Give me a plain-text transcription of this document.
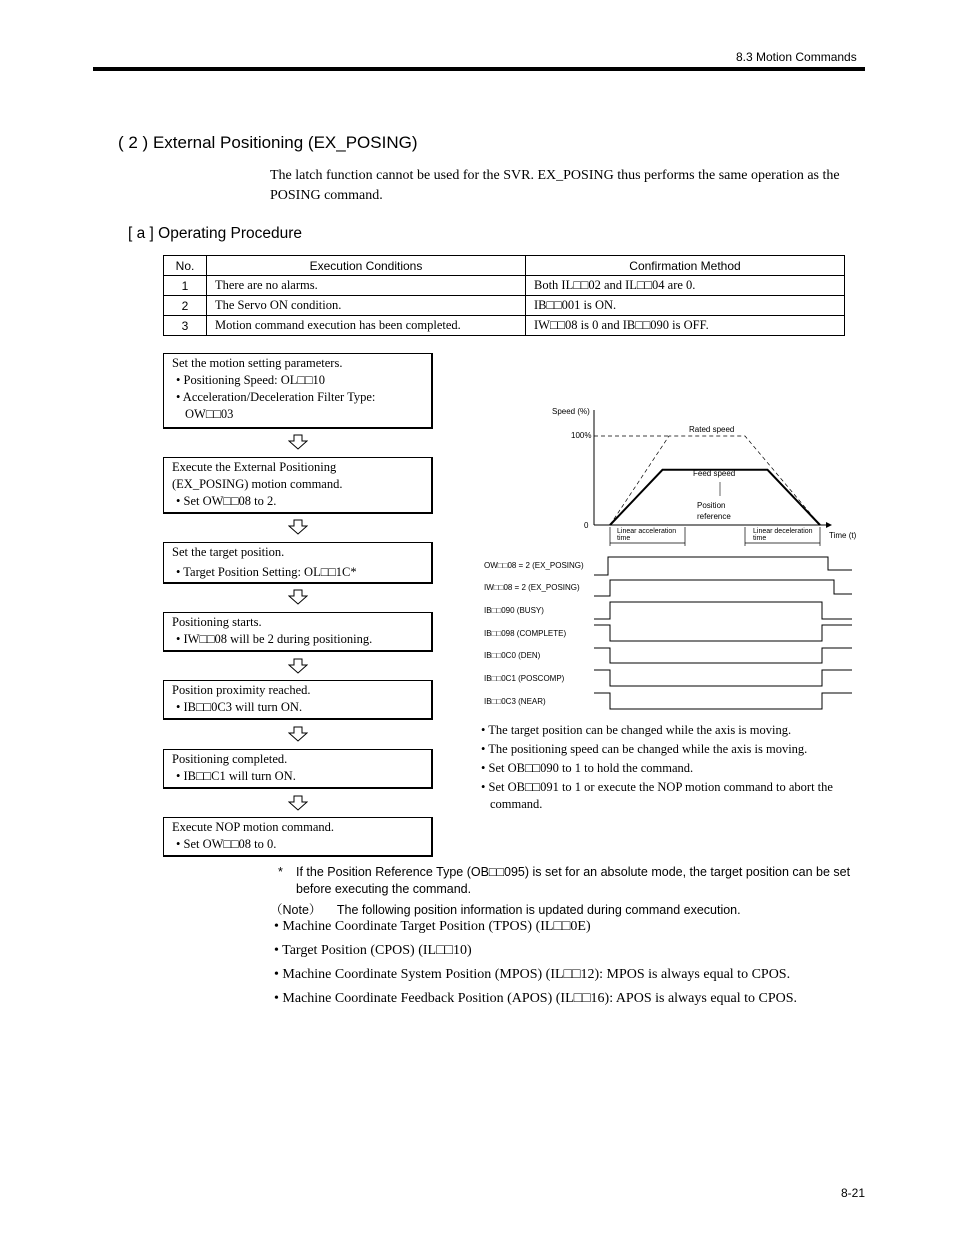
8.3 Motion Commands
( 2 ) External Positioning (EX_POSING)
The latch function cannot be used for the SVR. EX_POSING thus performs the same operation as the POSING command.
[ a ] Operating Procedure
No.	Execution Conditions	Confirmation Method
1	There are no alarms.	Both IL□□02 and IL□□04 are 0.
2	The Servo ON condition.	IB□□001 is ON.
3	Motion command execution has been completed.	IW□□08 is 0 and IB□□090 is OFF.
Set the motion setting parameters.
• Positioning Speed: OL□□10
• Acceleration/Deceleration Filter Type:
OW□□03
Execute the External Positioning
(EX_POSING) motion command.
• Set OW□□08 to 2.
Set the target position.
• Target Position Setting: OL□□1C*
Positioning starts.
• IW□□08 will be 2 during positioning.
Position proximity reached.
• IB□□0C3 will turn ON.
Positioning completed.
• IB□□C1 will turn ON.
Execute NOP motion command.
• Set OW□□08 to 0.
Speed (%)
100%
0
Time (t)
Rated speed
Feed speed
Position
reference
Linear acceleration
time
Linear deceleration
time
OW□□08 = 2 (EX_POSING)
IW□□08 = 2 (EX_POSING)
IB□□090 (BUSY)
IB□□098 (COMPLETE)
IB□□0C0 (DEN)
IB□□0C1 (POSCOMP)
IB□□0C3 (NEAR)
• The target position can be changed while the axis is moving.
• The positioning speed can be changed while the axis is moving.
• Set OB□□090 to 1 to hold the command.
• Set OB□□091 to 1 or execute the NOP motion command to abort the
command.
* If the Position Reference Type (OB□□095) is set for an absolute mode, the target position can be set before executing the command.
（Note） The following position information is updated during command execution.
• Machine Coordinate Target Position (TPOS) (IL□□0E)
• Target Position (CPOS) (IL□□10)
• Machine Coordinate System Position (MPOS) (IL□□12): MPOS is always equal to CPOS.
• Machine Coordinate Feedback Position (APOS) (IL□□16): APOS is always equal to CPOS.
8-21
